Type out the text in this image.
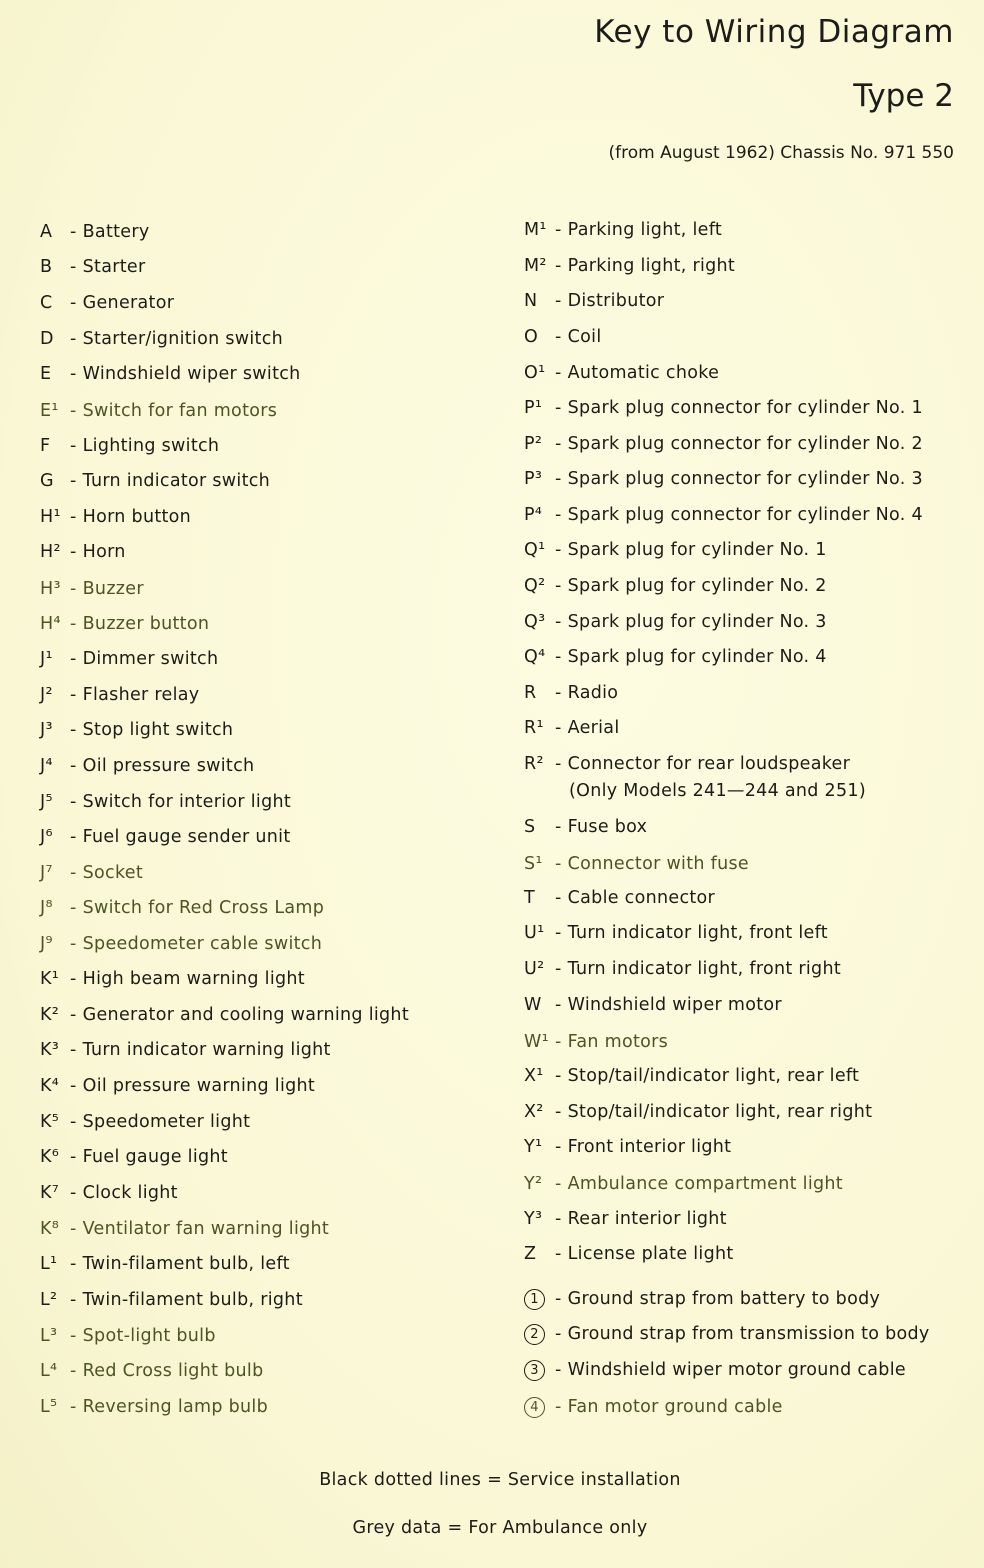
Key to Wiring Diagram
Type 2
(from August 1962) Chassis No. 971 550
A - Battery
B - Starter
C - Generator
D - Starter/ignition switch
E - Windshield wiper switch
E¹ - Switch for fan motors
F - Lighting switch
G - Turn indicator switch
H¹ - Horn button
H² - Horn
H³ - Buzzer
H⁴ - Buzzer button
J¹ - Dimmer switch
J² - Flasher relay
J³ - Stop light switch
J⁴ - Oil pressure switch
J⁵ - Switch for interior light
J⁶ - Fuel gauge sender unit
J⁷ - Socket
J⁸ - Switch for Red Cross Lamp
J⁹ - Speedometer cable switch
K¹ - High beam warning light
K² - Generator and cooling warning light
K³ - Turn indicator warning light
K⁴ - Oil pressure warning light
K⁵ - Speedometer light
K⁶ - Fuel gauge light
K⁷ - Clock light
K⁸ - Ventilator fan warning light
L¹ - Twin-filament bulb, left
L² - Twin-filament bulb, right
L³ - Spot-light bulb
L⁴ - Red Cross light bulb
L⁵ - Reversing lamp bulb
M¹ - Parking light, left
M² - Parking light, right
N - Distributor
O - Coil
O¹ - Automatic choke
P¹ - Spark plug connector for cylinder No. 1
P² - Spark plug connector for cylinder No. 2
P³ - Spark plug connector for cylinder No. 3
P⁴ - Spark plug connector for cylinder No. 4
Q¹ - Spark plug for cylinder No. 1
Q² - Spark plug for cylinder No. 2
Q³ - Spark plug for cylinder No. 3
Q⁴ - Spark plug for cylinder No. 4
R - Radio
R¹ - Aerial
R² - Connector for rear loudspeaker
(Only Models 241—244 and 251)
S - Fuse box
S¹ - Connector with fuse
T - Cable connector
U¹ - Turn indicator light, front left
U² - Turn indicator light, front right
W - Windshield wiper motor
W¹ - Fan motors
X¹ - Stop/tail/indicator light, rear left
X² - Stop/tail/indicator light, rear right
Y¹ - Front interior light
Y² - Ambulance compartment light
Y³ - Rear interior light
Z - License plate light
1 - Ground strap from battery to body
2 - Ground strap from transmission to body
3 - Windshield wiper motor ground cable
4 - Fan motor ground cable
Black dotted lines = Service installation
Grey data = For Ambulance only
